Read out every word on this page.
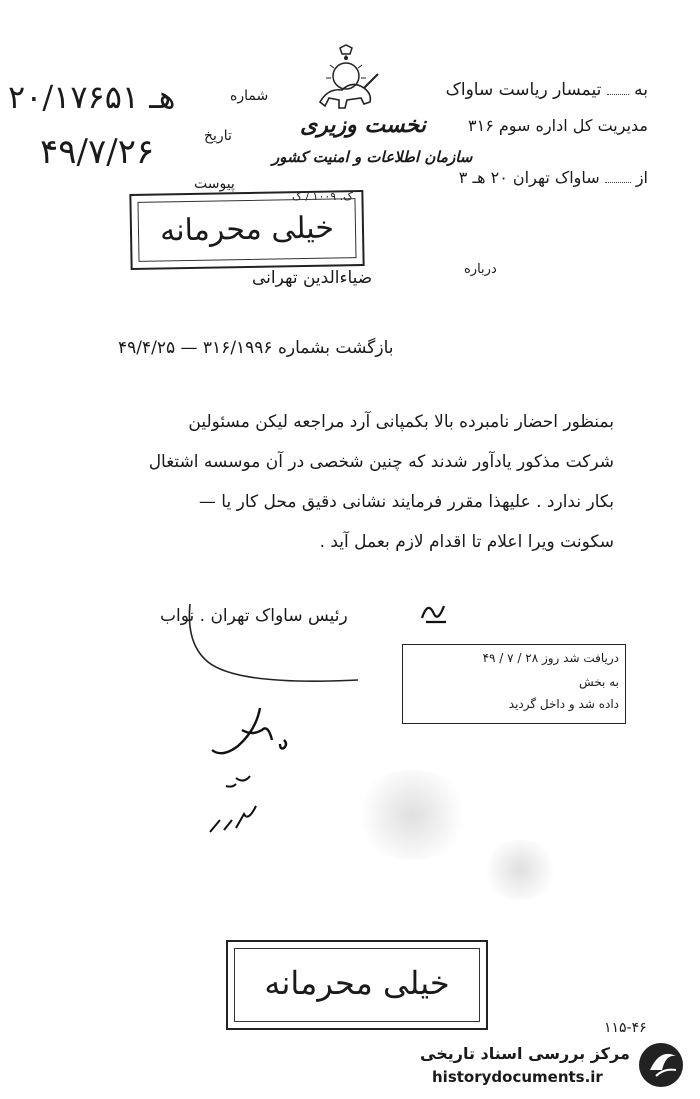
به  تیمسار ریاست ساواک
مدیریت کل اداره سوم ۳۱۶
از  ساواک تهران ۲۰ هـ ۳
نخست وزیری
سازمان اطلاعات و امنیت کشور
ک. ۱۰۰۹ / ک
شماره
۲۰/۱۷۶۵۱ هـ
تاریخ
۴۹/۷/۲۶
پیوست
خیلی محرمانه
درباره
ضیاءالدین تهرانی
بازگشت بشماره ۳۱۶/۱۹۹۶ — ۴۹/۴/۲۵
بمنظور احضار نامبرده بالا بکمپانی آرد مراجعه لیکن مسئولین
شرکت مذکور یادآور شدند که چنین شخصی در آن موسسه اشتغال
بکار ندارد . علیهذا مقرر فرمایند نشانی دقیق محل کار یا —
سکونت ویرا اعلام تا اقدام لازم بعمل آید .
رئیس ساواک تهران . نواب
دریافت شد روز ۲۸ / ۷ / ۴۹
به بخش
داده شد و داخل گردید
خیلی محرمانه
۱۱۵-۴۶
مرکز بررسی اسناد تاریخی
historydocuments.ir
